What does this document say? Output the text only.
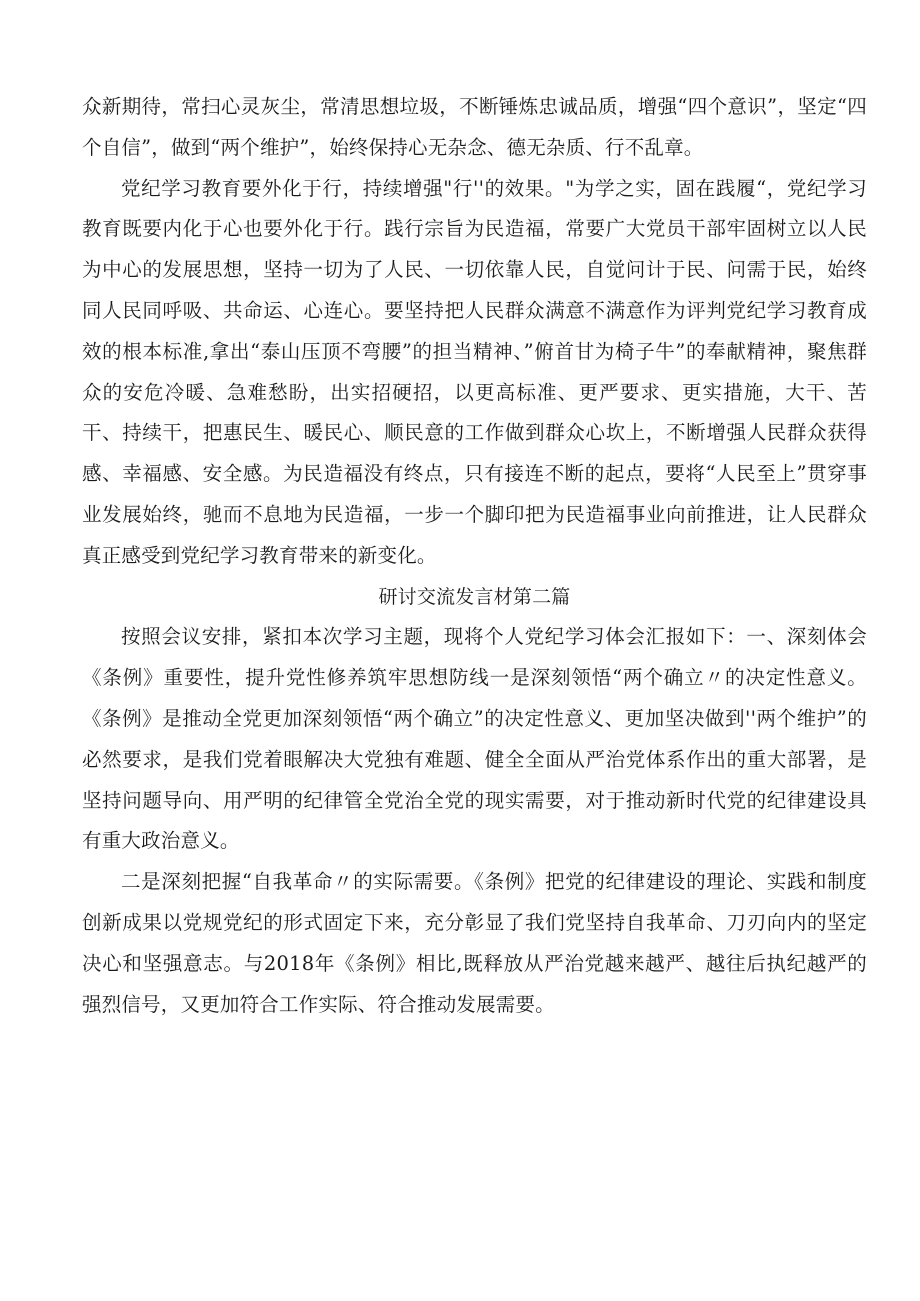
众新期待，常扫心灵灰尘，常清思想垃圾，不断锤炼忠诚品质，增强“四个意识”，坚定“四个自信”，做到“两个维护”，始终保持心无杂念、德无杂质、行不乱章。

党纪学习教育要外化于行，持续增强"行''的效果。"为学之实，固在践履“，党纪学习教育既要内化于心也要外化于行。践行宗旨为民造福，常要广大党员干部牢固树立以人民为中心的发展思想，坚持一切为了人民、一切依靠人民，自觉问计于民、问需于民，始终同人民同呼吸、共命运、心连心。要坚持把人民群众满意不满意作为评判党纪学习教育成效的根本标准,拿出“泰山压顶不弯腰”的担当精神、”俯首甘为椅子牛”的奉献精神，聚焦群众的安危冷暖、急难愁盼，出实招硬招，以更高标准、更严要求、更实措施，大干、苦干、持续干，把惠民生、暖民心、顺民意的工作做到群众心坎上，不断增强人民群众获得感、幸福感、安全感。为民造福没有终点，只有接连不断的起点，要将“人民至上”贯穿事业发展始终，驰而不息地为民造福，一步一个脚印把为民造福事业向前推进，让人民群众真正感受到党纪学习教育带来的新变化。

研讨交流发言材第二篇

按照会议安排，紧扣本次学习主题，现将个人党纪学习体会汇报如下：一、深刻体会《条例》重要性，提升党性修养筑牢思想防线一是深刻领悟“两个确立〃的决定性意义。《条例》是推动全党更加深刻领悟“两个确立”的决定性意义、更加坚决做到''两个维护”的必然要求，是我们党着眼解决大党独有难题、健全全面从严治党体系作出的重大部署，是坚持问题导向、用严明的纪律管全党治全党的现实需要，对于推动新时代党的纪律建设具有重大政治意义。

二是深刻把握“自我革命〃的实际需要。《条例》把党的纪律建设的理论、实践和制度创新成果以党规党纪的形式固定下来，充分彰显了我们党坚持自我革命、刀刃向内的坚定决心和坚强意志。与2018年《条例》相比,既释放从严治党越来越严、越往后执纪越严的强烈信号，又更加符合工作实际、符合推动发展需要。
